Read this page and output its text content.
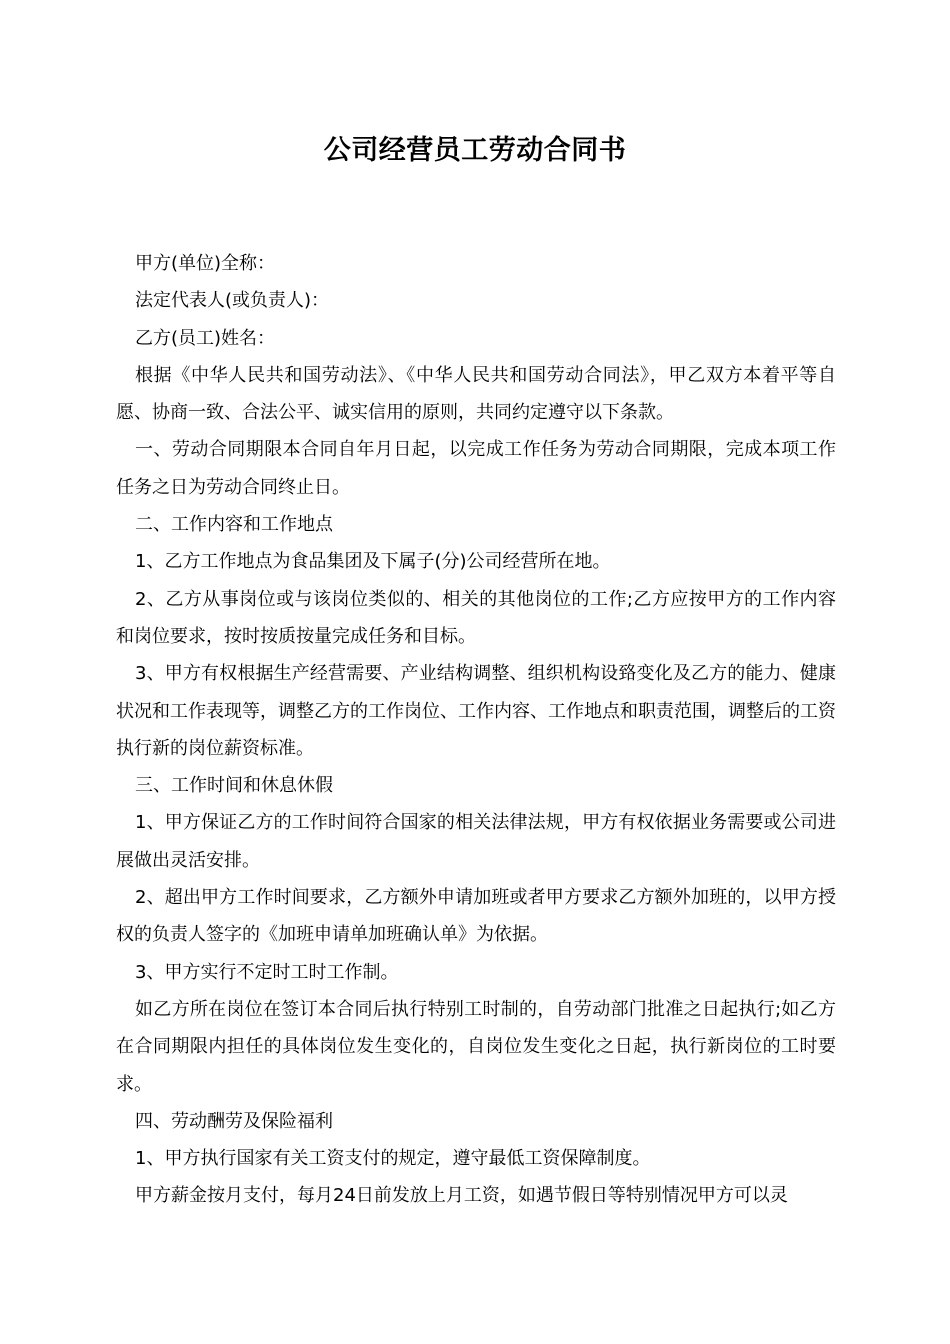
公司经营员工劳动合同书

甲方(单位)全称：

法定代表人(或负责人)：

乙方(员工)姓名：

根据《中华人民共和国劳动法》、《中华人民共和国劳动合同法》，甲乙双方本着平等自愿、协商一致、合法公平、诚实信用的原则，共同约定遵守以下条款。

一、劳动合同期限本合同自年月日起，以完成工作任务为劳动合同期限，完成本项工作任务之日为劳动合同终止日。

二、工作内容和工作地点

1、乙方工作地点为食品集团及下属子(分)公司经营所在地。

2、乙方从事岗位或与该岗位类似的、相关的其他岗位的工作;乙方应按甲方的工作内容和岗位要求，按时按质按量完成任务和目标。

3、甲方有权根据生产经营需要、产业结构调整、组织机构设臵变化及乙方的能力、健康状况和工作表现等，调整乙方的工作岗位、工作内容、工作地点和职责范围，调整后的工资执行新的岗位薪资标准。

三、工作时间和休息休假

1、甲方保证乙方的工作时间符合国家的相关法律法规，甲方有权依据业务需要或公司进展做出灵活安排。

2、超出甲方工作时间要求，乙方额外申请加班或者甲方要求乙方额外加班的，以甲方授权的负责人签字的《加班申请单加班确认单》为依据。

3、甲方实行不定时工时工作制。

如乙方所在岗位在签订本合同后执行特别工时制的，自劳动部门批准之日起执行;如乙方在合同期限内担任的具体岗位发生变化的，自岗位发生变化之日起，执行新岗位的工时要求。

四、劳动酬劳及保险福利

1、甲方执行国家有关工资支付的规定，遵守最低工资保障制度。

甲方薪金按月支付，每月24日前发放上月工资，如遇节假日等特别情况甲方可以灵
